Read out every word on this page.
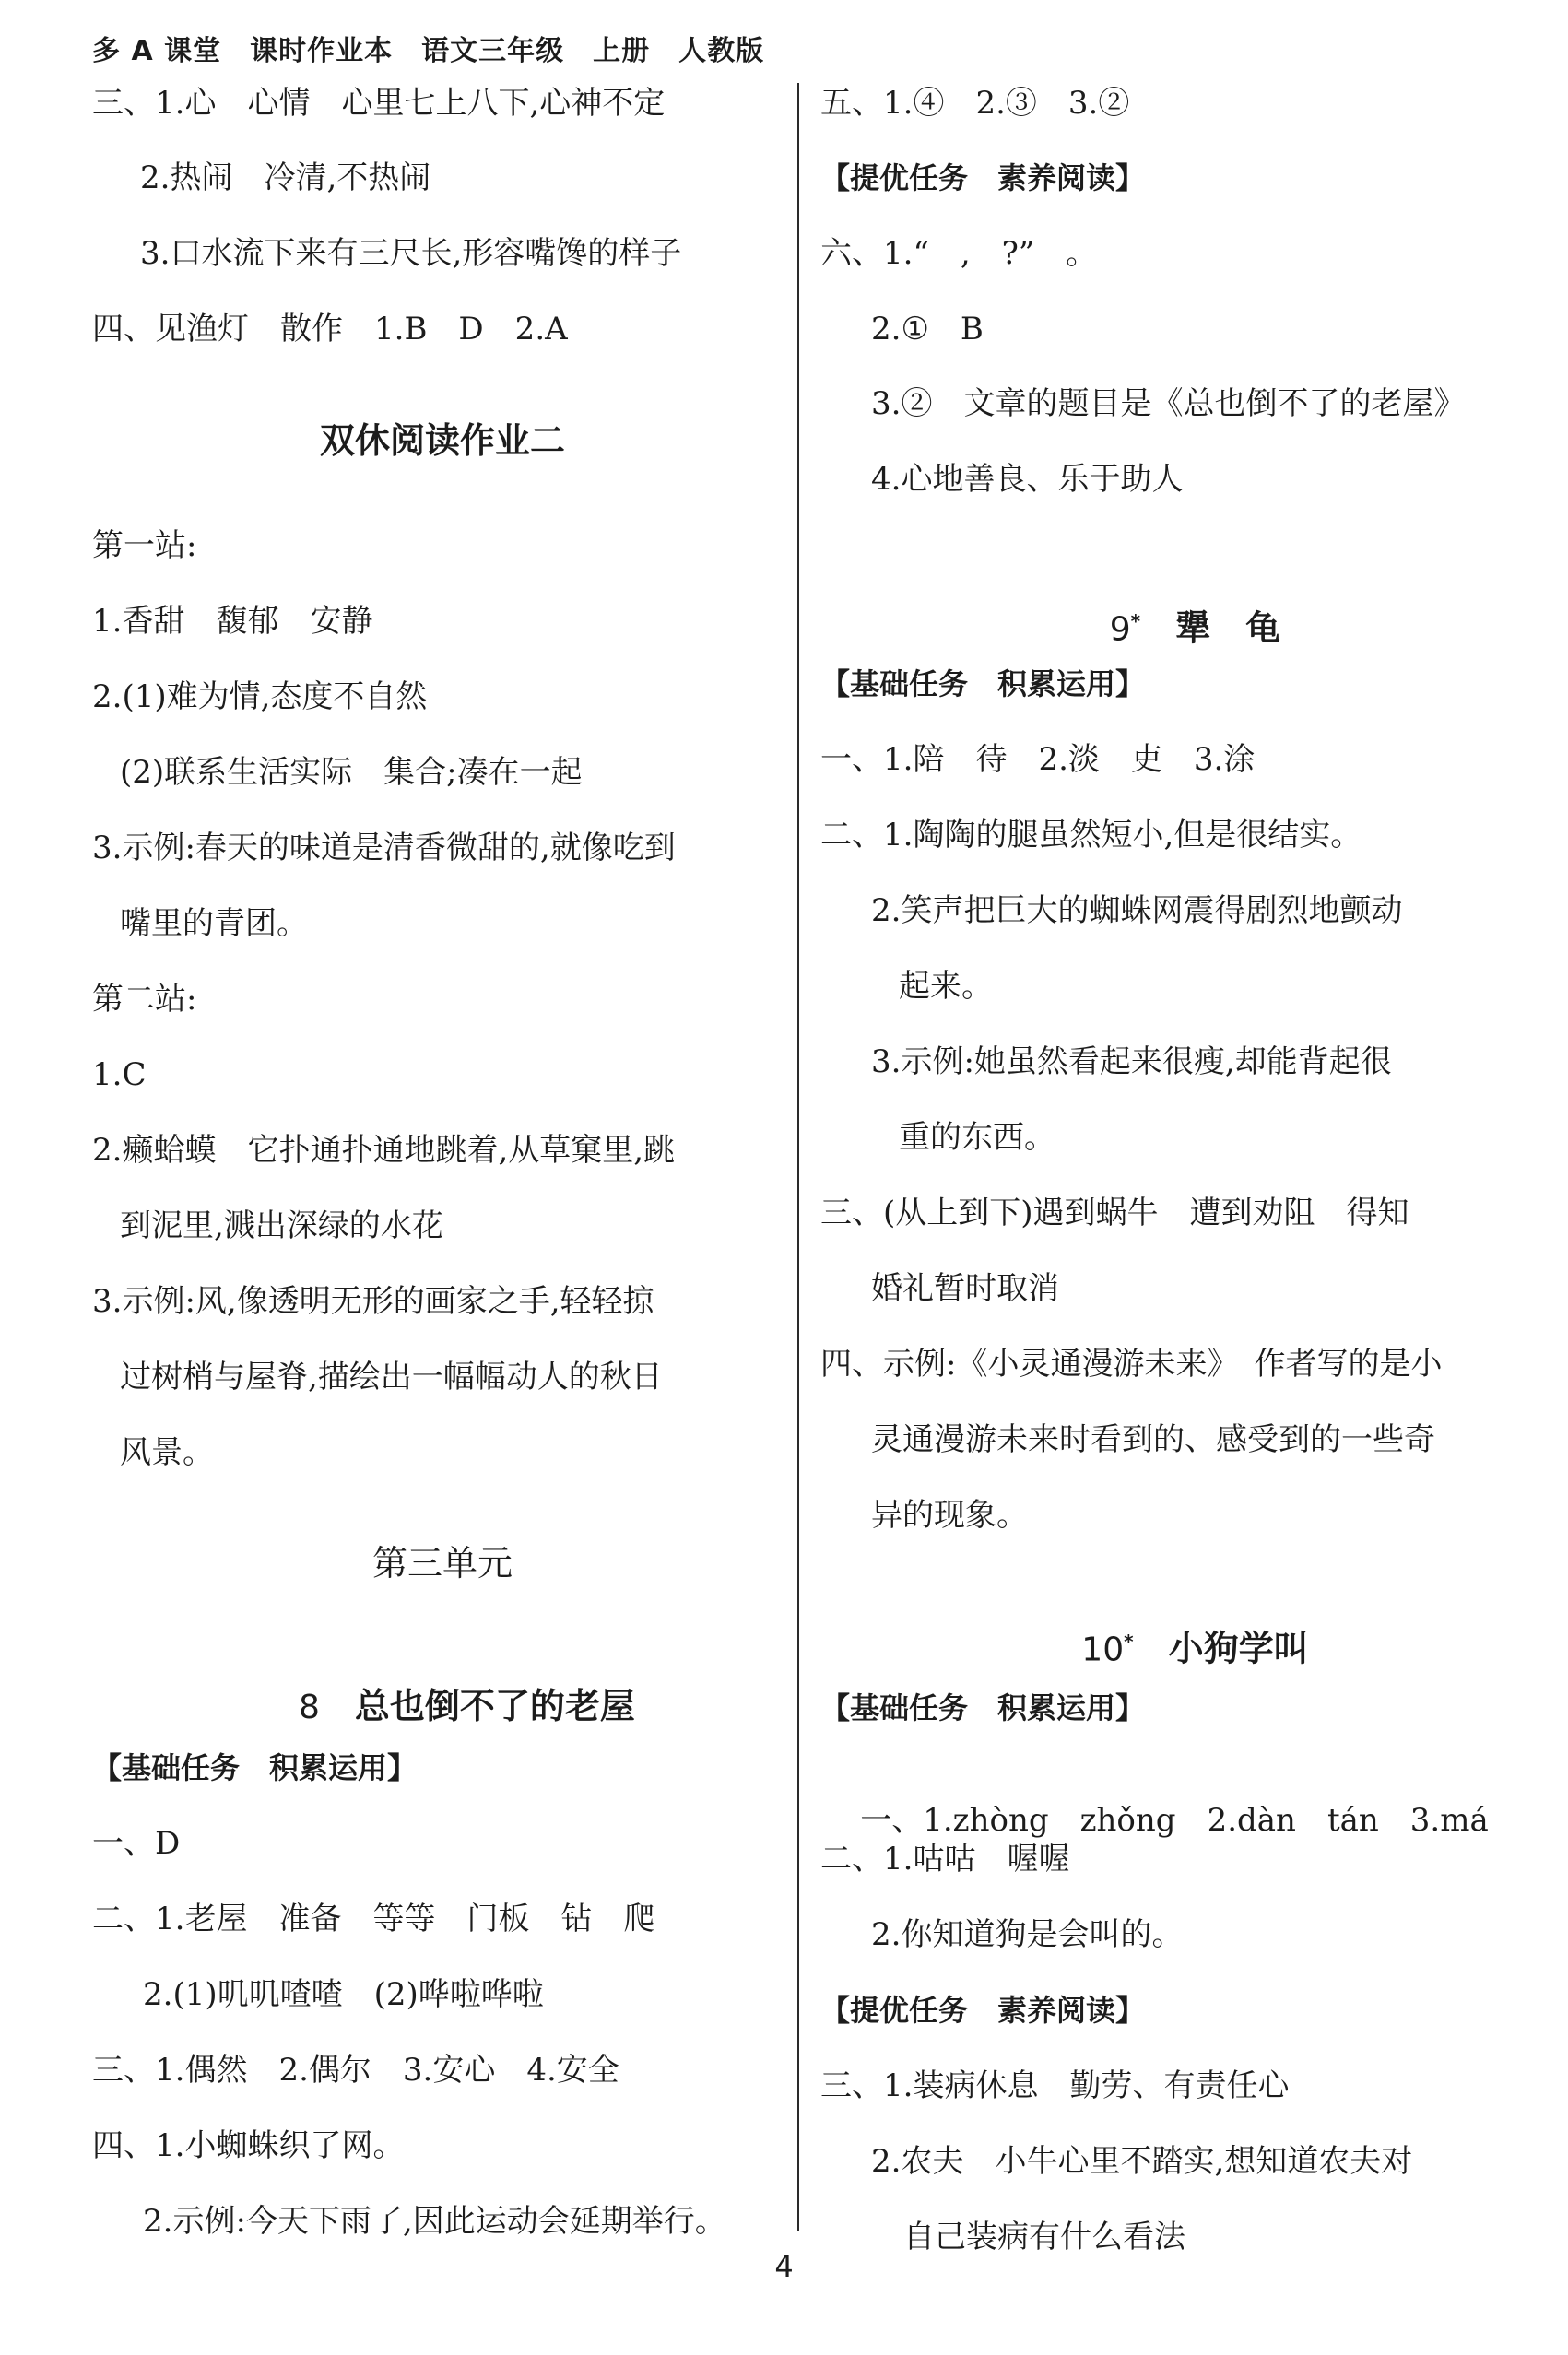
多 A 课堂　课时作业本　语文三年级　上册　人教版
三、1.心　心情　心里七上八下,心神不定
2.热闹　冷清,不热闹
3.口水流下来有三尺长,形容嘴馋的样子
四、见渔灯　散作　1.B　D　2.A
双休阅读作业二
第一站:
1.香甜　馥郁　安静
2.(1)难为情,态度不自然
(2)联系生活实际　集合;凑在一起
3.示例:春天的味道是清香微甜的,就像吃到
嘴里的青团。
第二站:
1.C
2.癞蛤蟆　它扑通扑通地跳着,从草窠里,跳
到泥里,溅出深绿的水花
3.示例:风,像透明无形的画家之手,轻轻掠
过树梢与屋脊,描绘出一幅幅动人的秋日
风景。
第三单元

8　 总也倒不了的老屋

【基础任务　积累运用】
一、D
二、1.老屋　准备　等等　门板　钻　爬
2.(1)叽叽喳喳　(2)哗啦哗啦
三、1.偶然　2.偶尔　3.安心　4.安全
四、1.小蜘蛛织了网。
2.示例:今天下雨了,因此运动会延期举行。
五、1.④　2.③　3.②
【提优任务　素养阅读】
六、1.“　,　?”　。
2.①　B
3.②　文章的题目是《总也倒不了的老屋》
4.心地善良、乐于助人

9*　 犟　龟

【基础任务　积累运用】
一、1.陪　待　2.淡　吏　3.涂
二、1.陶陶的腿虽然短小,但是很结实。
2.笑声把巨大的蜘蛛网震得剧烈地颤动
起来。
3.示例:她虽然看起来很瘦,却能背起很
重的东西。
三、(从上到下)遇到蜗牛　遭到劝阻　得知
婚礼暂时取消
四、示例:《小灵通漫游未来》　作者写的是小
灵通漫游未来时看到的、感受到的一些奇
异的现象。

10*　 小狗学叫

【基础任务　积累运用】

一、1.zhòng　 zhǒng　 2.dàn　 tán　 3.má

二、1.咕咕　喔喔
2.你知道狗是会叫的。
【提优任务　素养阅读】
三、1.装病休息　勤劳、有责任心
2.农夫　小牛心里不踏实,想知道农夫对
自己装病有什么看法
4
